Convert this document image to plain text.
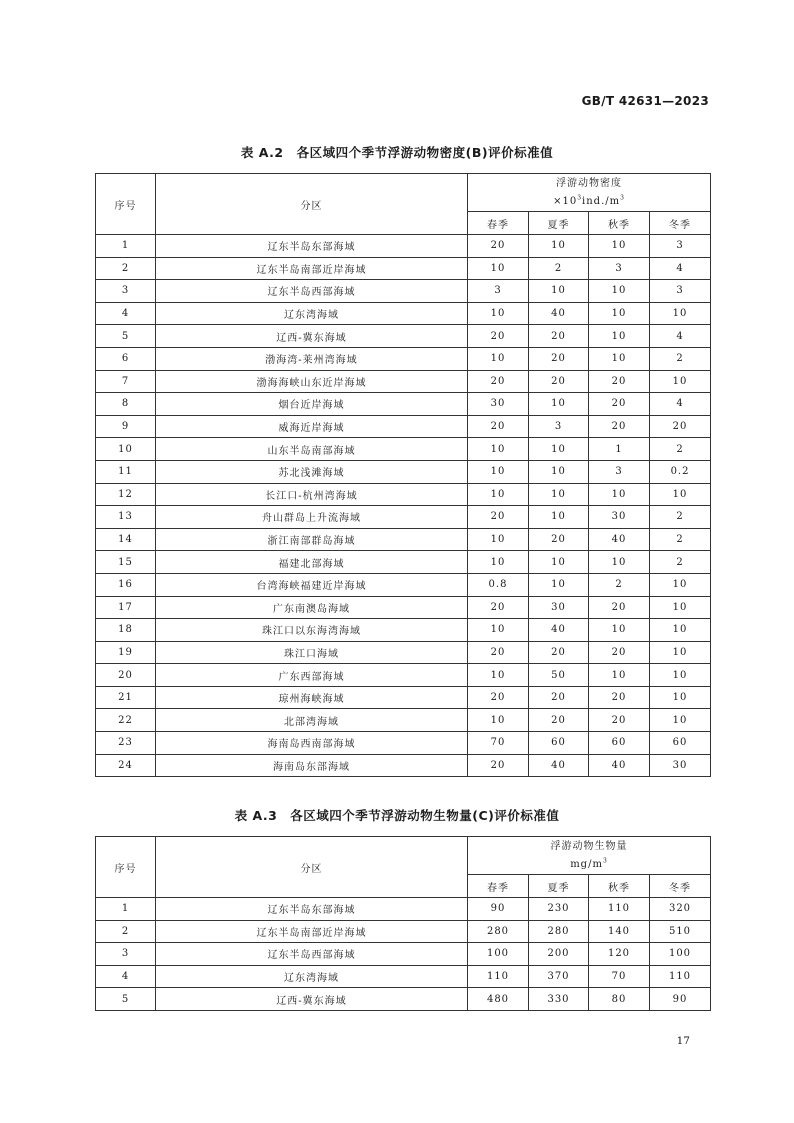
GB/T 42631—2023
表 A.2　各区域四个季节浮游动物密度(B)评价标准值
序号	分区	浮游动物密度
$\times 10^3ind./m^3$

		春季	夏季	秋季	冬季
1	辽东半岛东部海域	20	10	10	3
2	辽东半岛南部近岸海域	10	2	3	4
3	辽东半岛西部海域	3	10	10	3
4	辽东湾海域	10	40	10	10
5	辽西-冀东海域	20	20	10	4
6	渤海湾-莱州湾海域	10	20	10	2
7	渤海海峡山东近岸海域	20	20	20	10
8	烟台近岸海域	30	10	20	4
9	威海近岸海域	20	3	20	20
10	山东半岛南部海域	10	10	1	2
11	苏北浅滩海域	10	10	3	0.2
12	长江口-杭州湾海域	10	10	10	10
13	舟山群岛上升流海域	20	10	30	2
14	浙江南部群岛海域	10	20	40	2
15	福建北部海域	10	10	10	2
16	台湾海峡福建近岸海域	0.8	10	2	10
17	广东南澳岛海域	20	30	20	10
18	珠江口以东海湾海域	10	40	10	10
19	珠江口海域	20	20	20	10
20	广东西部海域	10	50	10	10
21	琼州海峡海域	20	20	20	10
22	北部湾海域	10	20	20	10
23	海南岛西南部海域	70	60	60	60
24	海南岛东部海域	20	40	40	30
表 A.3　各区域四个季节浮游动物生物量(C)评价标准值
序号	分区	浮游动物生物量
$mg/m^3$

		春季	夏季	秋季	冬季
1	辽东半岛东部海域	90	230	110	320
2	辽东半岛南部近岸海域	280	280	140	510
3	辽东半岛西部海域	100	200	120	100
4	辽东湾海域	110	370	70	110
5	辽西-冀东海域	480	330	80	90
17
